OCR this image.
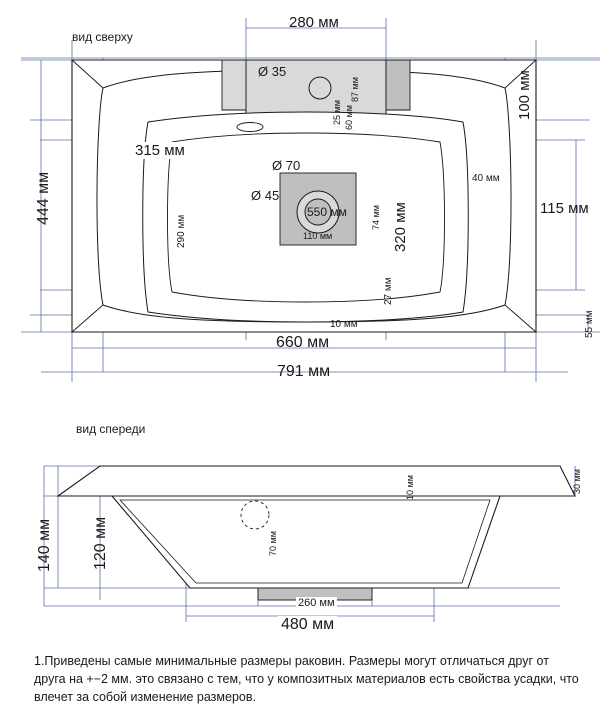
вид сверху
280 мм
660 мм
791 мм
444 мм
315 мм
320 мм
290 мм
115 мм
100 мм
55 мм
40 мм
27 мм
10 мм
60 мм
87 мм
25 мм
550 мм
110 мм
74 мм
Ø 35
Ø 70
Ø 45
вид спереди
140 мм 120 мм
30 мм
10 мм
70 мм
260 мм
480 мм
1.Приведены самые минимальные размеры раковин. Размеры могут отличаться друг от друга на +−2 мм. это связано с тем, что у композитных материалов есть свойства усадки, что влечет за собой изменение размеров.
